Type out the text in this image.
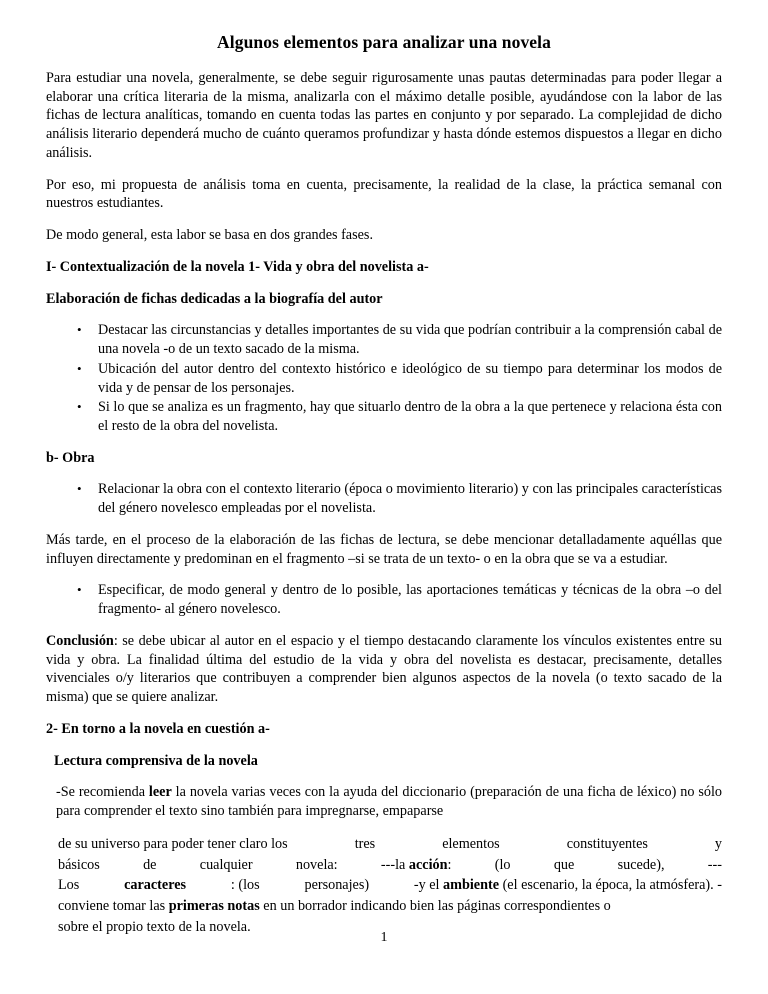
Algunos elementos para analizar una novela

Para estudiar una novela, generalmente, se debe seguir rigurosamente unas pautas determinadas para poder llegar a elaborar una crítica literaria de la misma, analizarla con el máximo detalle posible, ayudándose con la labor de las fichas de lectura analíticas, tomando en cuenta todas las partes en conjunto y por separado. La complejidad de dicho análisis literario dependerá mucho de cuánto queramos profundizar y hasta dónde estemos dispuestos a llegar en dicho análisis.

Por eso, mi propuesta de análisis toma en cuenta, precisamente, la realidad de la clase, la práctica semanal con nuestros estudiantes.

De modo general, esta labor se basa en dos grandes fases.

I- Contextualización de la novela 1- Vida y obra del novelista a-

Elaboración de fichas dedicadas a la biografía del autor

• Destacar las circunstancias y detalles importantes de su vida que podrían contribuir a la comprensión cabal de una novela -o de un texto sacado de la misma.
• Ubicación del autor dentro del contexto histórico e ideológico de su tiempo para determinar los modos de vida y de pensar de los personajes.
• Si lo que se analiza es un fragmento, hay que situarlo dentro de la obra a la que pertenece y relaciona ésta con el resto de la obra del novelista.

b- Obra

• Relacionar la obra con el contexto literario (época o movimiento literario) y con las principales características del género novelesco empleadas por el novelista.

Más tarde, en el proceso de la elaboración de las fichas de lectura, se debe mencionar detalladamente aquéllas que influyen directamente y predominan en el fragmento –si se trata de un texto- o en la obra que se va a estudiar.

• Especificar, de modo general y dentro de lo posible, las aportaciones temáticas y técnicas de la obra –o del fragmento- al género novelesco.

Conclusión: se debe ubicar al autor en el espacio y el tiempo destacando claramente los vínculos existentes entre su vida y obra. La finalidad última del estudio de la vida y obra del novelista es destacar, precisamente, detalles vivenciales o/y literarios que contribuyen a comprender bien algunos aspectos de la novela (o texto sacado de la misma) que se quiere analizar.

2- En torno a la novela en cuestión a-

Lectura comprensiva de la novela

-Se recomienda leer la novela varias veces con la ayuda del diccionario (preparación de una ficha de léxico) no sólo para comprender el texto sino también para impregnarse, empaparse

de su universo para poder tener claro los	tres	elementos	constituyentes	y
básicos	de	cualquier	novela:	---la acción:	(lo	que	sucede),	---
Los	caracteres	: (los	personajes)	-y el ambiente (el escenario, la época, la atmósfera). -
conviene tomar las primeras notas en un borrador indicando bien las páginas correspondientes o
sobre el propio texto de la novela.

1
